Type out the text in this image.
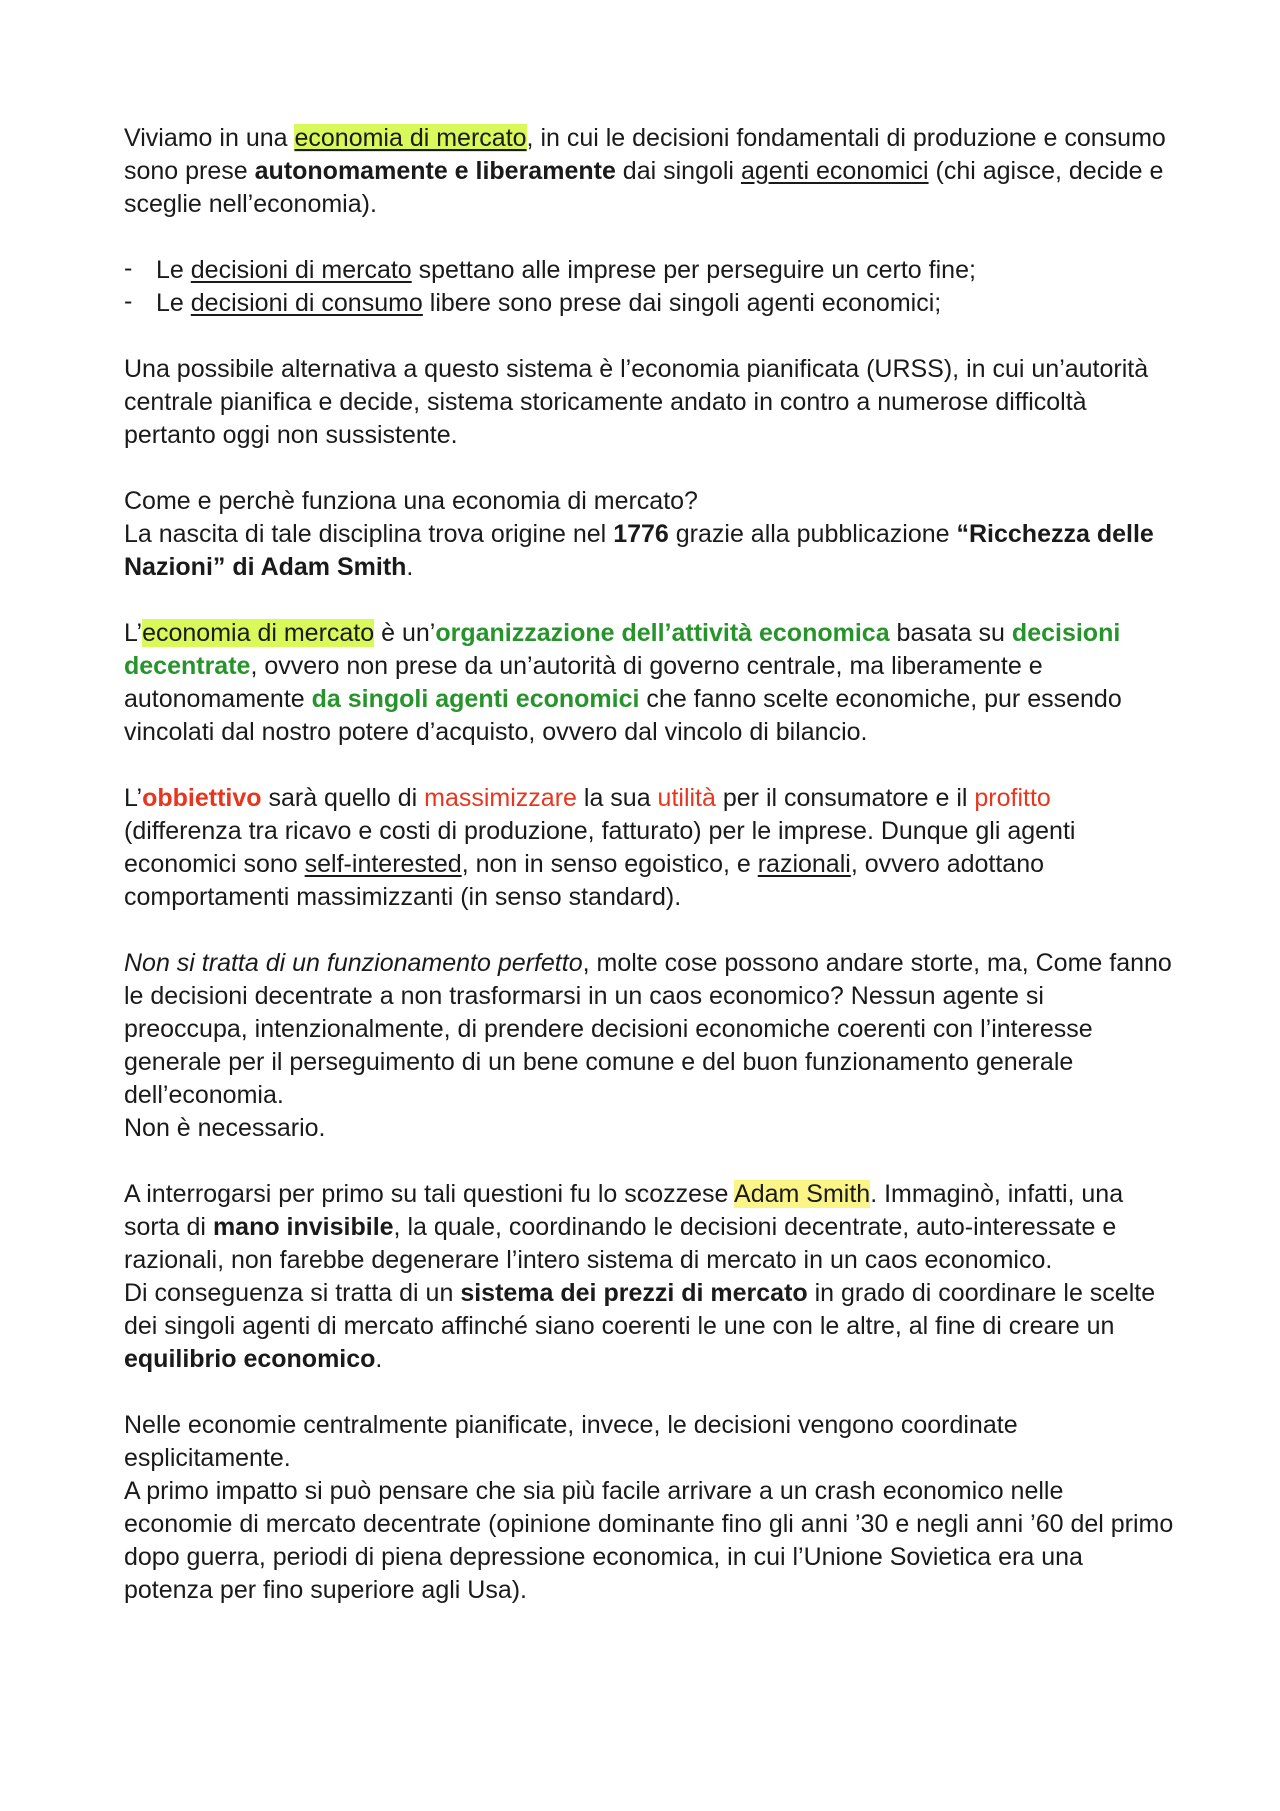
Viviamo in una economia di mercato, in cui le decisioni fondamentali di produzione e consumo sono prese autonomamente e liberamente dai singoli agenti economici (chi agisce, decide e sceglie nell’economia).

- Le decisioni di mercato spettano alle imprese per perseguire un certo fine;
- Le decisioni di consumo libere sono prese dai singoli agenti economici;

Una possibile alternativa a questo sistema è l’economia pianificata (URSS), in cui un’autorità centrale pianifica e decide, sistema storicamente andato in contro a numerose difficoltà pertanto oggi non sussistente.

Come e perchè funziona una economia di mercato?

La nascita di tale disciplina trova origine nel 1776 grazie alla pubblicazione “Ricchezza delle Nazioni” di Adam Smith.

L’economia di mercato è un’organizzazione dell’attività economica basata su decisioni decentrate, ovvero non prese da un’autorità di governo centrale, ma liberamente e autonomamente da singoli agenti economici che fanno scelte economiche, pur essendo vincolati dal nostro potere d’acquisto, ovvero dal vincolo di bilancio.

L’obbiettivo sarà quello di massimizzare la sua utilità per il consumatore e il profitto (differenza tra ricavo e costi di produzione, fatturato) per le imprese. Dunque gli agenti economici sono self-interested, non in senso egoistico, e razionali, ovvero adottano comportamenti massimizzanti (in senso standard).

Non si tratta di un funzionamento perfetto, molte cose possono andare storte, ma, Come fanno le decisioni decentrate a non trasformarsi in un caos economico? Nessun agente si preoccupa, intenzionalmente, di prendere decisioni economiche coerenti con l’interesse generale per il perseguimento di un bene comune e del buon funzionamento generale dell’economia.

Non è necessario.

A interrogarsi per primo su tali questioni fu lo scozzese Adam Smith. Immaginò, infatti, una sorta di mano invisibile, la quale, coordinando le decisioni decentrate, auto-interessate e razionali, non farebbe degenerare l’intero sistema di mercato in un caos economico.

Di conseguenza si tratta di un sistema dei prezzi di mercato in grado di coordinare le scelte dei singoli agenti di mercato affinché siano coerenti le une con le altre, al fine di creare un equilibrio economico.

Nelle economie centralmente pianificate, invece, le decisioni vengono coordinate esplicitamente.

A primo impatto si può pensare che sia più facile arrivare a un crash economico nelle economie di mercato decentrate (opinione dominante fino gli anni ’30 e negli anni ’60 del primo dopo guerra, periodi di piena depressione economica, in cui l’Unione Sovietica era una potenza per fino superiore agli Usa).
